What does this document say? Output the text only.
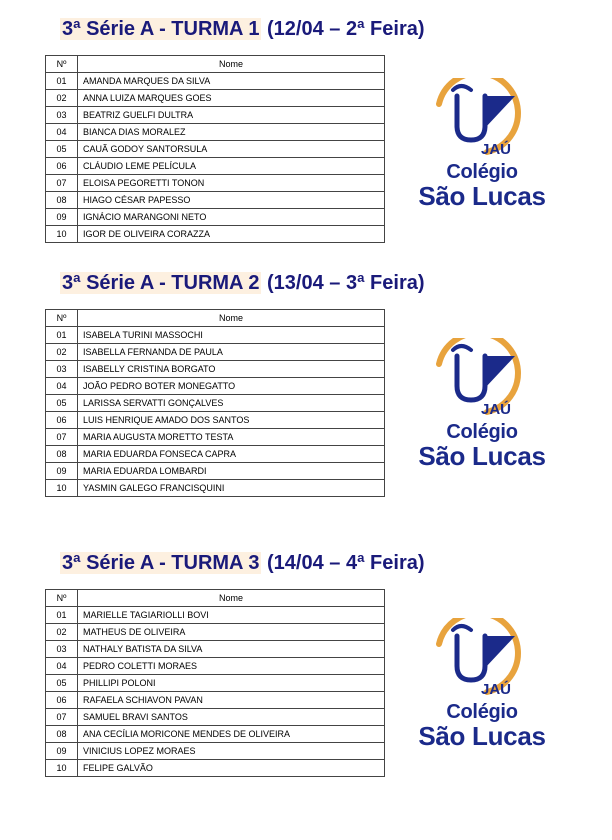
3ª Série A - TURMA 1 (12/04 – 2ª Feira)
Nº	Nome
01	AMANDA MARQUES DA SILVA
02	ANNA LUIZA MARQUES GOES
03	BEATRIZ GUELFI DULTRA
04	BIANCA DIAS MORALEZ
05	CAUÃ GODOY SANTORSULA
06	CLÁUDIO LEME PELÍCULA
07	ELOISA PEGORETTI TONON
08	HIAGO CÉSAR PAPESSO
09	IGNÁCIO MARANGONI NETO
10	IGOR DE OLIVEIRA CORAZZA
3ª Série A - TURMA 2 (13/04 – 3ª Feira)
Nº	Nome
01	ISABELA TURINI MASSOCHI
02	ISABELLA FERNANDA DE PAULA
03	ISABELLY CRISTINA BORGATO
04	JOÃO PEDRO BOTER MONEGATTO
05	LARISSA SERVATTI GONÇALVES
06	LUIS HENRIQUE AMADO DOS SANTOS
07	MARIA AUGUSTA MORETTO TESTA
08	MARIA EDUARDA FONSECA CAPRA
09	MARIA EDUARDA LOMBARDI
10	YASMIN GALEGO FRANCISQUINI
3ª Série A - TURMA 3 (14/04 – 4ª Feira)
Nº	Nome
01	MARIELLE TAGIARIOLLI BOVI
02	MATHEUS DE OLIVEIRA
03	NATHALY BATISTA DA SILVA
04	PEDRO COLETTI MORAES
05	PHILLIPI POLONI
06	RAFAELA SCHIAVON PAVAN
07	SAMUEL BRAVI SANTOS
08	ANA CECÍLIA MORICONE MENDES DE OLIVEIRA
09	VINICIUS LOPEZ MORAES
10	FELIPE GALVÃO
JAÚ
Colégio
São Lucas
JAÚ
Colégio
São Lucas
JAÚ
Colégio
São Lucas
